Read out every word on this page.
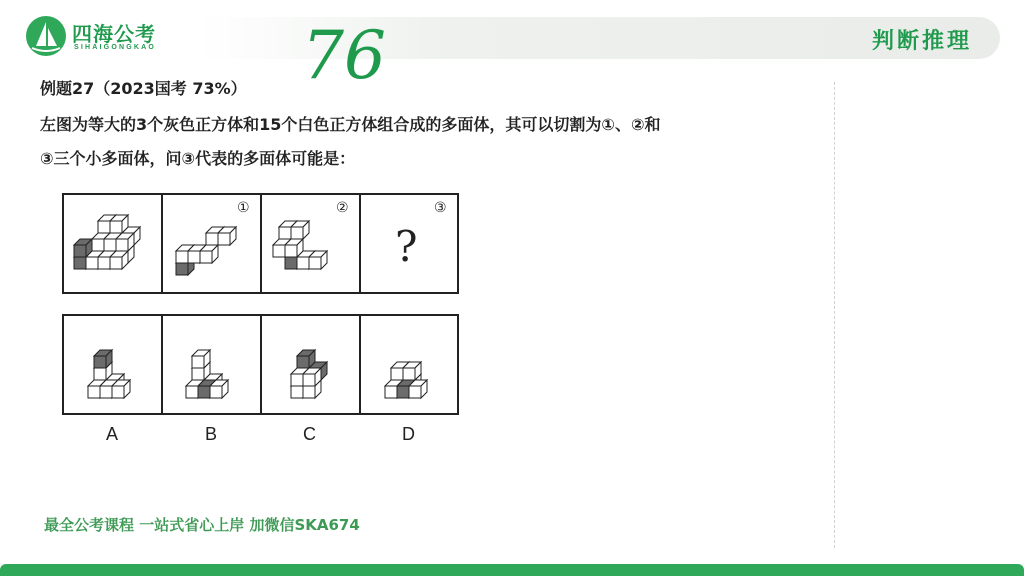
四海公考
SIHAIGONGKAO 76	判断推理
例题27（2023国考 73%）
左图为等大的3个灰色正方体和15个白色正方体组合成的多面体，其可以切割为①、②和
③三个小多面体，问③代表的多面体可能是：
①	②	③
?
A	B	C	D
最全公考课程 一站式省心上岸 加微信SKA674
